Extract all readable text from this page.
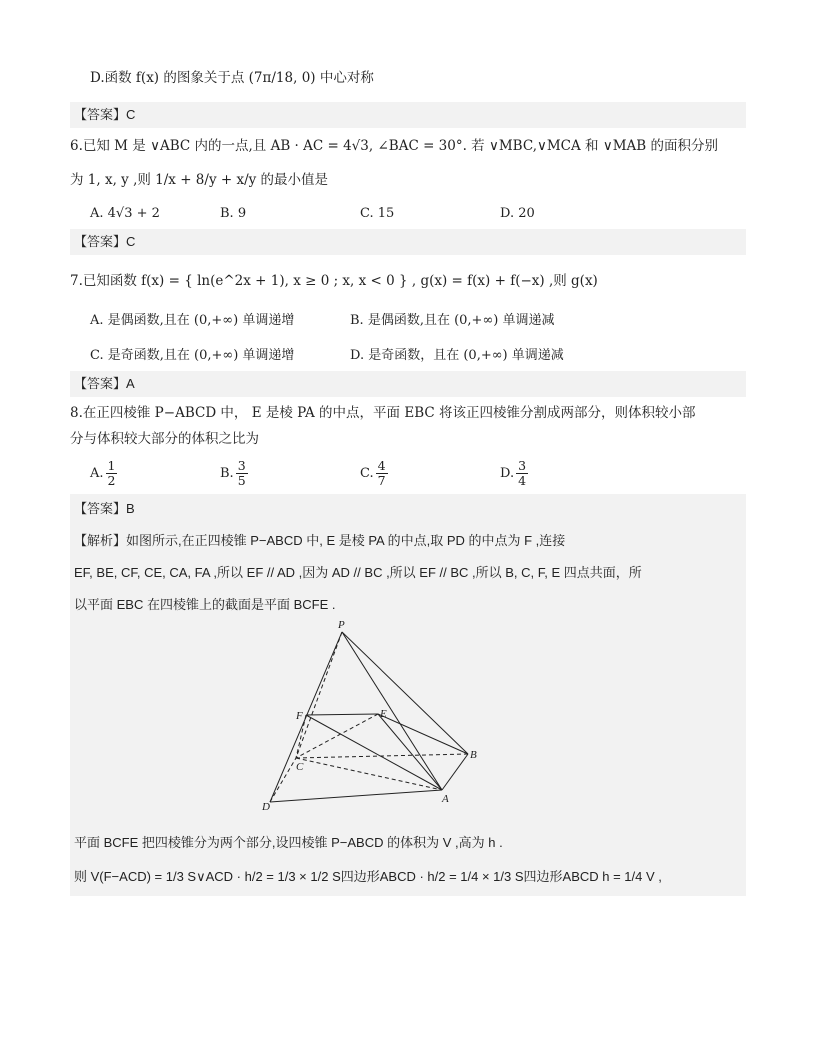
D.函数 f(x) 的图象关于点 (7π/18, 0) 中心对称
【答案】C
6.已知 M 是 ∨ABC 内的一点,且 AB · AC = 4√3, ∠BAC = 30°. 若 ∨MBC,∨MCA 和 ∨MAB 的面积分别
为 1, x, y ,则 1/x + 8/y + x/y 的最小值是
A. 4√3 + 2	B. 9	C. 15	D. 20
【答案】C
7.已知函数 f(x) = { ln(e^2x + 1), x ≥ 0 ; x, x < 0 } , g(x) = f(x) + f(−x) ,则 g(x)
A. 是偶函数,且在 (0,+∞) 单调递增	B. 是偶函数,且在 (0,+∞) 单调递减
C. 是奇函数,且在 (0,+∞) 单调递增	D. 是奇函数，且在 (0,+∞) 单调递减
【答案】A
8.在正四棱锥 P−ABCD 中， E 是棱 PA 的中点，平面 EBC 将该正四棱锥分割成两部分，则体积较小部
分与体积较大部分的体积之比为
A. $\frac{1}{2}$	B. $\frac{3}{5}$	C. $\frac{4}{7}$	D. $\frac{3}{4}$
【答案】B
【解析】如图所示,在正四棱锥 P−ABCD 中, E 是棱 PA 的中点,取 PD 的中点为 F ,连接
EF, BE, CF, CE, CA, FA ,所以 EF // AD ,因为 AD // BC ,所以 EF // BC ,所以 B, C, F, E 四点共面，所
以平面 EBC 在四棱锥上的截面是平面 BCFE .
P
F	E
B
C
D
A
平面 BCFE 把四棱锥分为两个部分,设四棱锥 P−ABCD 的体积为 V ,高为 h .
则 V(F−ACD) = 1/3 S∨ACD · h/2 = 1/3 × 1/2 S四边形ABCD · h/2 = 1/4 × 1/3 S四边形ABCD h = 1/4 V ,
